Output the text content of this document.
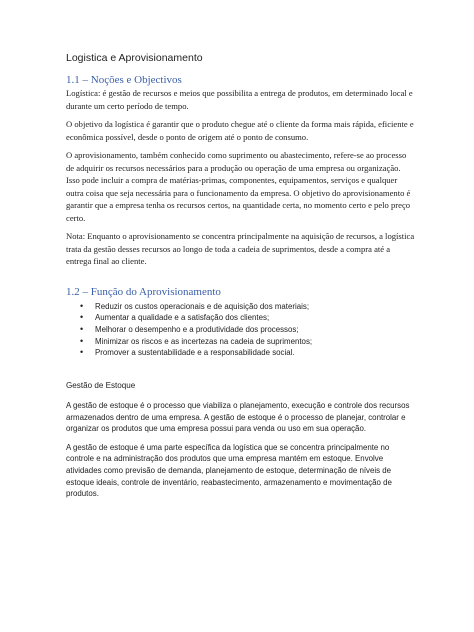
Logistica e Aprovisionamento
1.1 – Noções e Objectivos

Logística: é gestão de recursos e meios que possibilita a entrega de produtos, em determinado local e durante um certo período de tempo.

O objetivo da logística é garantir que o produto chegue até o cliente da forma mais rápida, eficiente e econômica possível, desde o ponto de origem até o ponto de consumo.

O aprovisionamento, também conhecido como suprimento ou abastecimento, refere-se ao processo de adquirir os recursos necessários para a produção ou operação de uma empresa ou organização. Isso pode incluir a compra de matérias-primas, componentes, equipamentos, serviços e qualquer outra coisa que seja necessária para o funcionamento da empresa. O objetivo do aprovisionamento é garantir que a empresa tenha os recursos certos, na quantidade certa, no momento certo e pelo preço certo.

Nota: Enquanto o aprovisionamento se concentra principalmente na aquisição de recursos, a logística trata da gestão desses recursos ao longo de toda a cadeia de suprimentos, desde a compra até a entrega final ao cliente.

1.2 – Função do Aprovisionamento
• Reduzir os custos operacionais e de aquisição dos materiais;
• Aumentar a qualidade e a satisfação dos clientes;
• Melhorar o desempenho e a produtividade dos processos;
• Minimizar os riscos e as incertezas na cadeia de suprimentos;
• Promover a sustentabilidade e a responsabilidade social.
Gestão de Estoque

A gestão de estoque é o processo que viabiliza o planejamento, execução e controle dos recursos armazenados dentro de uma empresa. A gestão de estoque é o processo de planejar, controlar e organizar os produtos que uma empresa possui para venda ou uso em sua operação.

A gestão de estoque é uma parte específica da logística que se concentra principalmente no controle e na administração dos produtos que uma empresa mantém em estoque. Envolve atividades como previsão de demanda, planejamento de estoque, determinação de níveis de estoque ideais, controle de inventário, reabastecimento, armazenamento e movimentação de produtos.
